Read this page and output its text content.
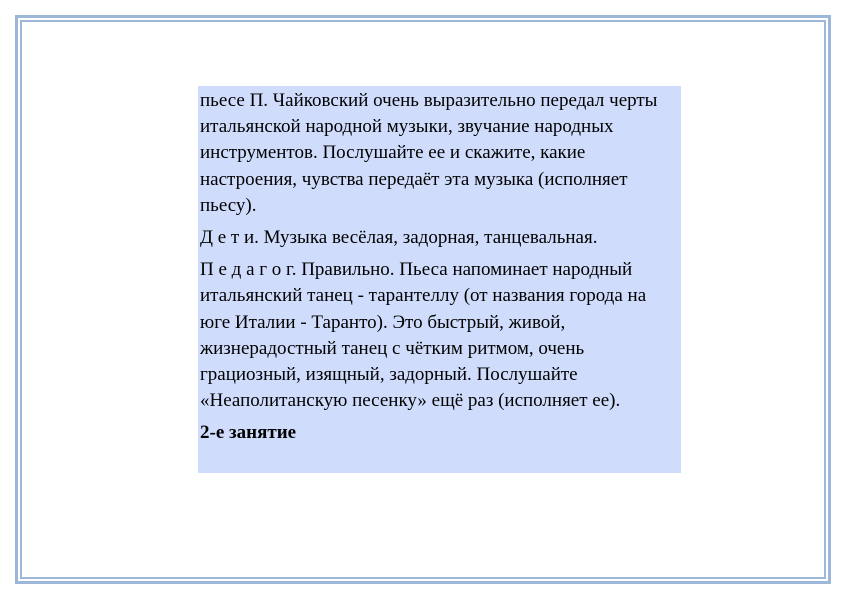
пьесе П. Чайковский очень выразительно передал черты итальянской народной музыки, звучание народных инструментов. Послушайте ее и скажите, какие настроения, чувства передаёт эта музыка (исполняет пьесу).

Д е т и. Музыка весёлая, задорная, танцевальная.

П е д а г о г. Правильно. Пьеса напоминает народный итальянский танец - тарантеллу (от названия города на юге Италии - Таранто). Это быстрый, живой, жизнерадостный танец с чётким ритмом, очень грациозный, изящный, задорный. Послушайте «Неаполитанскую песенку» ещё раз (исполняет ее).

2-е занятие
